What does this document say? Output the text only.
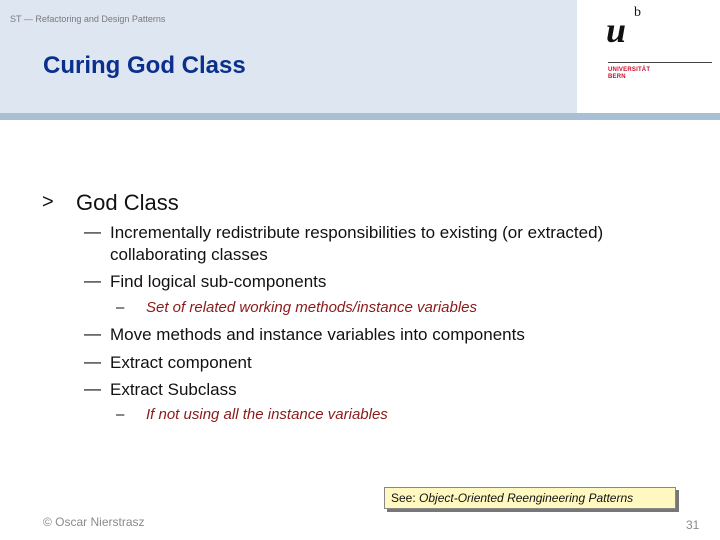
ST — Refactoring and Design Patterns
Curing God Class
u b
UNIVERSITÄT
BERN
> God Class
— Incrementally redistribute responsibilities to existing (or extracted) collaborating classes
— Find logical sub-components
– Set of related working methods/instance variables
— Move methods and instance variables into components
— Extract component
— Extract Subclass
– If not using all the instance variables
See: Object-Oriented Reengineering Patterns
© Oscar Nierstrasz	31
